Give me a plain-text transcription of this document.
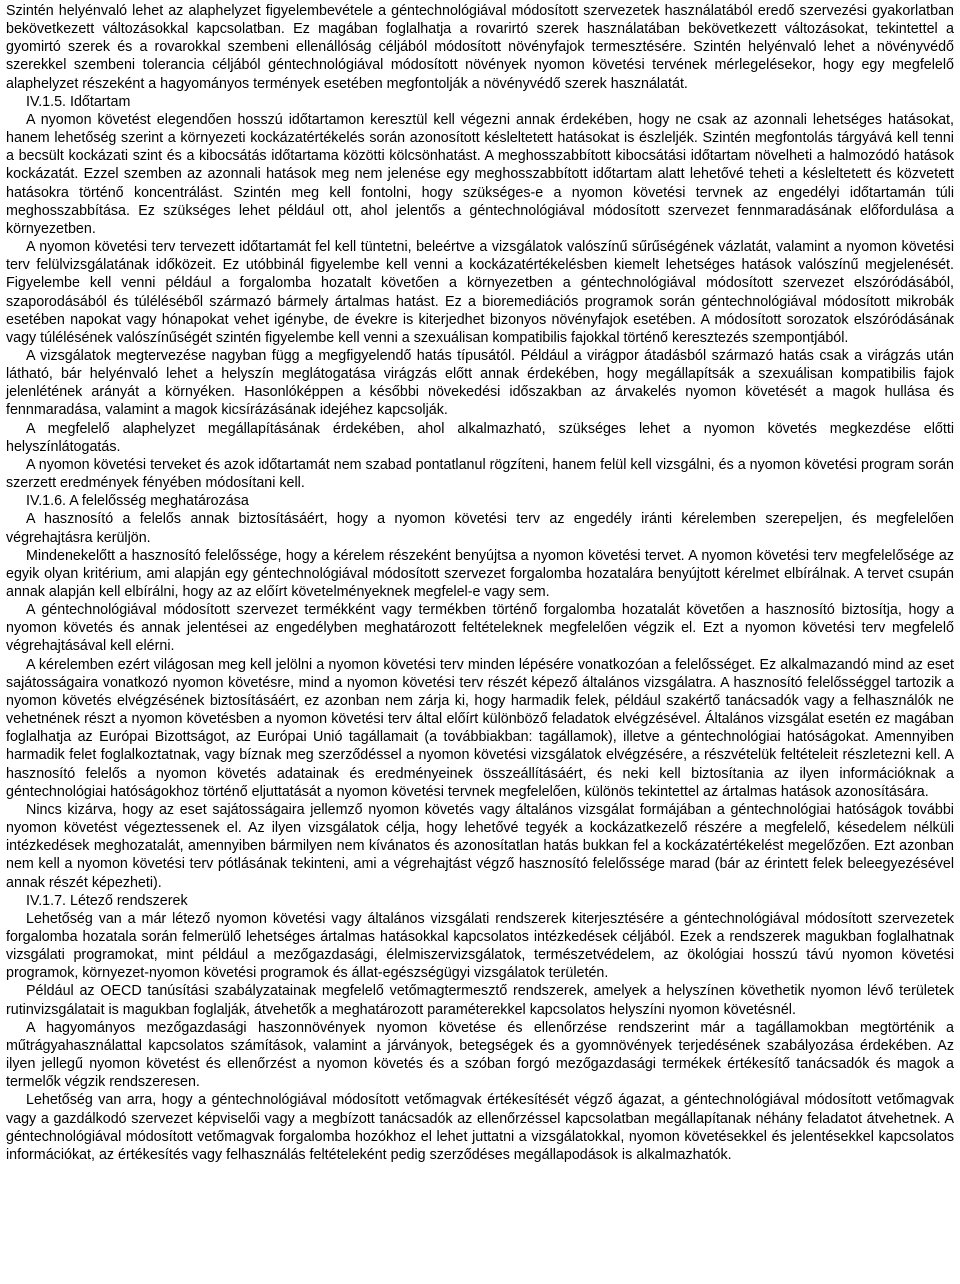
Szintén helyénvaló lehet az alaphelyzet figyelembevétele a géntechnológiával módosított szervezetek használatából eredő szervezési gyakorlatban bekövetkezett változásokkal kapcsolatban. Ez magában foglalhatja a rovarirtó szerek használatában bekövetkezett változásokat, tekintettel a gyomirtó szerek és a rovarokkal szembeni ellenállóság céljából módosított növényfajok termesztésére. Szintén helyénvaló lehet a növényvédő szerekkel szembeni tolerancia céljából géntechnológiával módosított növények nyomon követési tervének mérlegelésekor, hogy egy megfelelő alaphelyzet részeként a hagyományos termények esetében megfontolják a növényvédő szerek használatát.

IV.1.5. Időtartam

A nyomon követést elegendően hosszú időtartamon keresztül kell végezni annak érdekében, hogy ne csak az azonnali lehetséges hatásokat, hanem lehetőség szerint a környezeti kockázatértékelés során azonosított késleltetett hatásokat is észleljék. Szintén megfontolás tárgyává kell tenni a becsült kockázati szint és a kibocsátás időtartama közötti kölcsönhatást. A meghosszabbított kibocsátási időtartam növelheti a halmozódó hatások kockázatát. Ezzel szemben az azonnali hatások meg nem jelenése egy meghosszabbított időtartam alatt lehetővé teheti a késleltetett és közvetett hatásokra történő koncentrálást. Szintén meg kell fontolni, hogy szükséges-e a nyomon követési tervnek az engedélyi időtartamán túli meghosszabbítása. Ez szükséges lehet például ott, ahol jelentős a géntechnológiával módosított szervezet fennmaradásának előfordulása a környezetben.

A nyomon követési terv tervezett időtartamát fel kell tüntetni, beleértve a vizsgálatok valószínű sűrűségének vázlatát, valamint a nyomon követési terv felülvizsgálatának időközeit. Ez utóbbinál figyelembe kell venni a kockázatértékelésben kiemelt lehetséges hatások valószínű megjelenését. Figyelembe kell venni például a forgalomba hozatalt követően a környezetben a géntechnológiával módosított szervezet elszóródásából, szaporodásából és túléléséből származó bármely ártalmas hatást. Ez a bioremediációs programok során géntechnológiával módosított mikrobák esetében napokat vagy hónapokat vehet igénybe, de évekre is kiterjedhet bizonyos növényfajok esetében. A módosított sorozatok elszóródásának vagy túlélésének valószínűségét szintén figyelembe kell venni a szexuálisan kompatibilis fajokkal történő keresztezés szempontjából.

A vizsgálatok megtervezése nagyban függ a megfigyelendő hatás típusától. Például a virágpor átadásból származó hatás csak a virágzás után látható, bár helyénvaló lehet a helyszín meglátogatása virágzás előtt annak érdekében, hogy megállapítsák a szexuálisan kompatibilis fajok jelenlétének arányát a környéken. Hasonlóképpen a későbbi növekedési időszakban az árvakelés nyomon követését a magok hullása és fennmaradása, valamint a magok kicsírázásának idejéhez kapcsolják.

A megfelelő alaphelyzet megállapításának érdekében, ahol alkalmazható, szükséges lehet a nyomon követés megkezdése előtti helyszínlátogatás.

A nyomon követési terveket és azok időtartamát nem szabad pontatlanul rögzíteni, hanem felül kell vizsgálni, és a nyomon követési program során szerzett eredmények fényében módosítani kell.

IV.1.6. A felelősség meghatározása

A hasznosító a felelős annak biztosításáért, hogy a nyomon követési terv az engedély iránti kérelemben szerepeljen, és megfelelően végrehajtásra kerüljön.

Mindenekelőtt a hasznosító felelőssége, hogy a kérelem részeként benyújtsa a nyomon követési tervet. A nyomon követési terv megfelelősége az egyik olyan kritérium, ami alapján egy géntechnológiával módosított szervezet forgalomba hozatalára benyújtott kérelmet elbírálnak. A tervet csupán annak alapján kell elbírálni, hogy az az előírt követelményeknek megfelel-e vagy sem.

A géntechnológiával módosított szervezet termékként vagy termékben történő forgalomba hozatalát követően a hasznosító biztosítja, hogy a nyomon követés és annak jelentései az engedélyben meghatározott feltételeknek megfelelően végzik el. Ezt a nyomon követési terv megfelelő végrehajtásával kell elérni.

A kérelemben ezért világosan meg kell jelölni a nyomon követési terv minden lépésére vonatkozóan a felelősséget. Ez alkalmazandó mind az eset sajátosságaira vonatkozó nyomon követésre, mind a nyomon követési terv részét képező általános vizsgálatra. A hasznosító felelősséggel tartozik a nyomon követés elvégzésének biztosításáért, ez azonban nem zárja ki, hogy harmadik felek, például szakértő tanácsadók vagy a felhasználók ne vehetnének részt a nyomon követésben a nyomon követési terv által előírt különböző feladatok elvégzésével. Általános vizsgálat esetén ez magában foglalhatja az Európai Bizottságot, az Európai Unió tagállamait (a továbbiakban: tagállamok), illetve a géntechnológiai hatóságokat. Amennyiben harmadik felet foglalkoztatnak, vagy bíznak meg szerződéssel a nyomon követési vizsgálatok elvégzésére, a részvételük feltételeit részletezni kell. A hasznosító felelős a nyomon követés adatainak és eredményeinek összeállításáért, és neki kell biztosítania az ilyen információknak a géntechnológiai hatóságokhoz történő eljuttatását a nyomon követési tervnek megfelelően, különös tekintettel az ártalmas hatások azonosítására.

Nincs kizárva, hogy az eset sajátosságaira jellemző nyomon követés vagy általános vizsgálat formájában a géntechnológiai hatóságok további nyomon követést végeztessenek el. Az ilyen vizsgálatok célja, hogy lehetővé tegyék a kockázatkezelő részére a megfelelő, késedelem nélküli intézkedések meghozatalát, amennyiben bármilyen nem kívánatos és azonosítatlan hatás bukkan fel a kockázatértékelést megelőzően. Ezt azonban nem kell a nyomon követési terv pótlásának tekinteni, ami a végrehajtást végző hasznosító felelőssége marad (bár az érintett felek beleegyezésével annak részét képezheti).

IV.1.7. Létező rendszerek

Lehetőség van a már létező nyomon követési vagy általános vizsgálati rendszerek kiterjesztésére a géntechnológiával módosított szervezetek forgalomba hozatala során felmerülő lehetséges ártalmas hatásokkal kapcsolatos intézkedések céljából. Ezek a rendszerek magukban foglalhatnak vizsgálati programokat, mint például a mezőgazdasági, élelmiszervizsgálatok, természetvédelem, az ökológiai hosszú távú nyomon követési programok, környezet-nyomon követési programok és állat-egészségügyi vizsgálatok területén.

Például az OECD tanúsítási szabályzatainak megfelelő vetőmagtermesztő rendszerek, amelyek a helyszínen követhetik nyomon lévő területek rutinvizsgálatait is magukban foglalják, átvehetők a meghatározott paraméterekkel kapcsolatos helyszíni nyomon követésnél.

A hagyományos mezőgazdasági haszonnövények nyomon követése és ellenőrzése rendszerint már a tagállamokban megtörténik a műtrágyahasználattal kapcsolatos számítások, valamint a járványok, betegségek és a gyomnövények terjedésének szabályozása érdekében. Az ilyen jellegű nyomon követést és ellenőrzést a nyomon követés és a szóban forgó mezőgazdasági termékek értékesítő tanácsadók és magok a termelők végzik rendszeresen.

Lehetőség van arra, hogy a géntechnológiával módosított vetőmagvak értékesítését végző ágazat, a géntechnológiával módosított vetőmagvak vagy a gazdálkodó szervezet képviselői vagy a megbízott tanácsadók az ellenőrzéssel kapcsolatban megállapítanak néhány feladatot átvehetnek. A géntechnológiával módosított vetőmagvak forgalomba hozókhoz el lehet juttatni a vizsgálatokkal, nyomon követésekkel és jelentésekkel kapcsolatos információkat, az értékesítés vagy felhasználás feltételeként pedig szerződéses megállapodások is alkalmazhatók.
